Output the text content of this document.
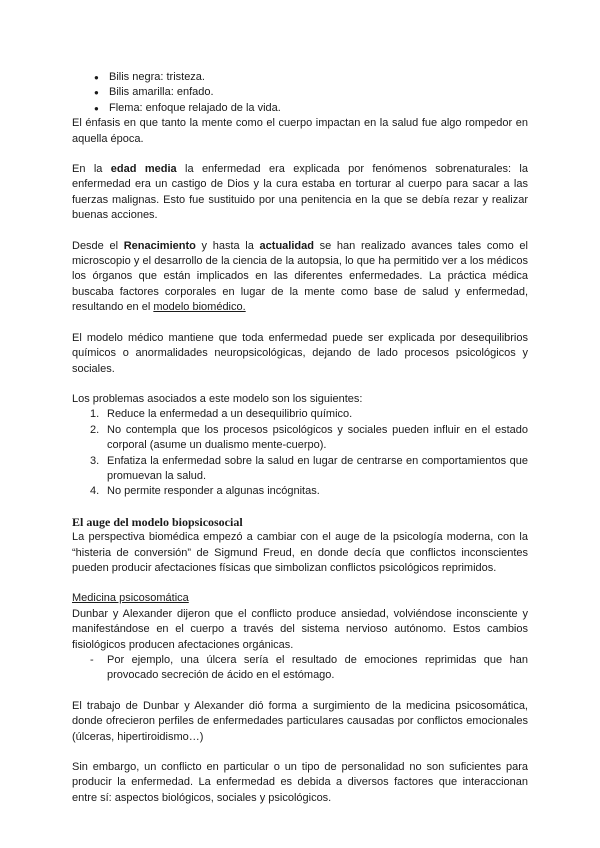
● Bilis negra: tristeza.
● Bilis amarilla: enfado.
● Flema: enfoque relajado de la vida.

El énfasis en que tanto la mente como el cuerpo impactan en la salud fue algo rompedor en aquella época.

En la edad media la enfermedad era explicada por fenómenos sobrenaturales: la enfermedad era un castigo de Dios y la cura estaba en torturar al cuerpo para sacar a las fuerzas malignas. Esto fue sustituido por una penitencia en la que se debía rezar y realizar buenas acciones.

Desde el Renacimiento y hasta la actualidad se han realizado avances tales como el microscopio y el desarrollo de la ciencia de la autopsia, lo que ha permitido ver a los médicos los órganos que están implicados en las diferentes enfermedades. La práctica médica buscaba factores corporales en lugar de la mente como base de salud y enfermedad, resultando en el modelo biomédico.

El modelo médico mantiene que toda enfermedad puede ser explicada por desequilibrios químicos o anormalidades neuropsicológicas, dejando de lado procesos psicológicos y sociales.

Los problemas asociados a este modelo son los siguientes:

1. Reduce la enfermedad a un desequilibrio químico.
2. No contempla que los procesos psicológicos y sociales pueden influir en el estado corporal (asume un dualismo mente-cuerpo).
3. Enfatiza la enfermedad sobre la salud en lugar de centrarse en comportamientos que promuevan la salud.
4. No permite responder a algunas incógnitas.
El auge del modelo biopsicosocial

La perspectiva biomédica empezó a cambiar con el auge de la psicología moderna, con la “histeria de conversión” de Sigmund Freud, en donde decía que conflictos inconscientes pueden producir afectaciones físicas que simbolizan conflictos psicológicos reprimidos.

Medicina psicosomática

Dunbar y Alexander dijeron que el conflicto produce ansiedad, volviéndose inconsciente y manifestándose en el cuerpo a través del sistema nervioso autónomo. Estos cambios fisiológicos producen afectaciones orgánicas.

- Por ejemplo, una úlcera sería el resultado de emociones reprimidas que han provocado secreción de ácido en el estómago.

El trabajo de Dunbar y Alexander dió forma a surgimiento de la medicina psicosomática, donde ofrecieron perfiles de enfermedades particulares causadas por conflictos emocionales (úlceras, hipertiroidismo…)

Sin embargo, un conflicto en particular o un tipo de personalidad no son suficientes para producir la enfermedad. La enfermedad es debida a diversos factores que interaccionan entre sí: aspectos biológicos, sociales y psicológicos.
